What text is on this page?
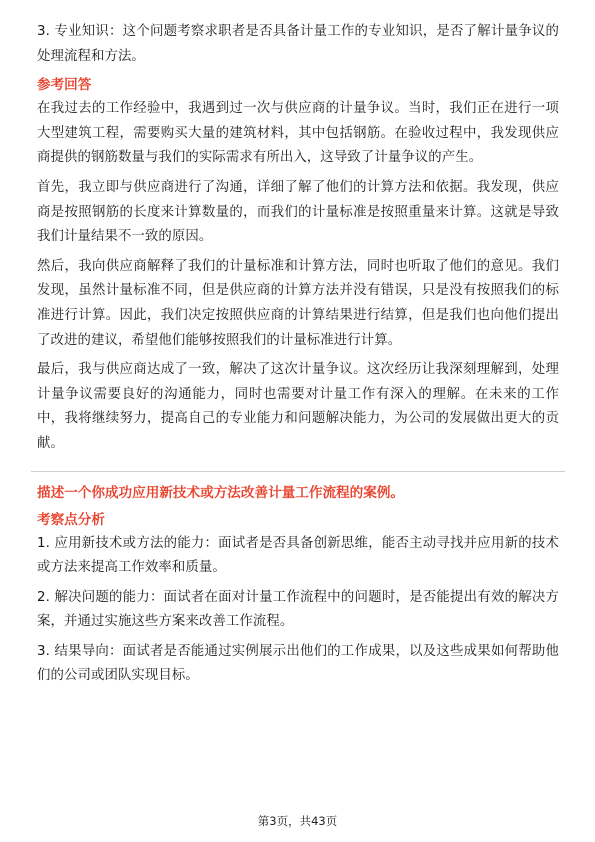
3. 专业知识：这个问题考察求职者是否具备计量工作的专业知识，是否了解计量争议的处理流程和方法。

参考回答

在我过去的工作经验中，我遇到过一次与供应商的计量争议。当时，我们正在进行一项大型建筑工程，需要购买大量的建筑材料，其中包括钢筋。在验收过程中，我发现供应商提供的钢筋数量与我们的实际需求有所出入，这导致了计量争议的产生。

首先，我立即与供应商进行了沟通，详细了解了他们的计算方法和依据。我发现，供应商是按照钢筋的长度来计算数量的，而我们的计量标准是按照重量来计算。这就是导致我们计量结果不一致的原因。

然后，我向供应商解释了我们的计量标准和计算方法，同时也听取了他们的意见。我们发现，虽然计量标准不同，但是供应商的计算方法并没有错误，只是没有按照我们的标准进行计算。因此，我们决定按照供应商的计算结果进行结算，但是我们也向他们提出了改进的建议，希望他们能够按照我们的计量标准进行计算。

最后，我与供应商达成了一致，解决了这次计量争议。这次经历让我深刻理解到，处理计量争议需要良好的沟通能力，同时也需要对计量工作有深入的理解。在未来的工作中，我将继续努力，提高自己的专业能力和问题解决能力，为公司的发展做出更大的贡献。

描述一个你成功应用新技术或方法改善计量工作流程的案例。
考察点分析

1. 应用新技术或方法的能力：面试者是否具备创新思维，能否主动寻找并应用新的技术或方法来提高工作效率和质量。

2. 解决问题的能力：面试者在面对计量工作流程中的问题时，是否能提出有效的解决方案，并通过实施这些方案来改善工作流程。

3. 结果导向：面试者是否能通过实例展示出他们的工作成果，以及这些成果如何帮助他们的公司或团队实现目标。

第3页，共43页
